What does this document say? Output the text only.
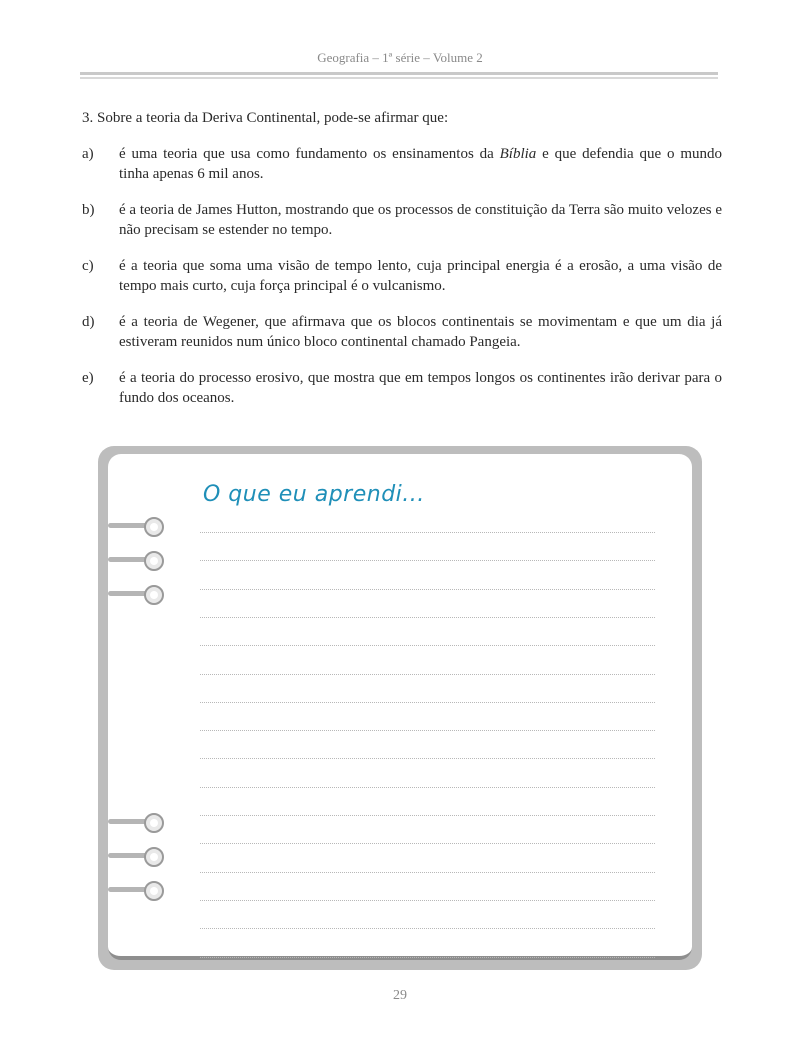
Geografia – 1ª série – Volume 2
3. Sobre a teoria da Deriva Continental, pode-se afirmar que:
a) é uma teoria que usa como fundamento os ensinamentos da Bíblia e que defendia que o mundo tinha apenas 6 mil anos.
b) é a teoria de James Hutton, mostrando que os processos de constituição da Terra são muito velozes e não precisam se estender no tempo.
c) é a teoria que soma uma visão de tempo lento, cuja principal energia é a erosão, a uma visão de tempo mais curto, cuja força principal é o vulcanismo.
d) é a teoria de Wegener, que afirmava que os blocos continentais se movimentam e que um dia já estiveram reunidos num único bloco continental chamado Pangeia.
e) é a teoria do processo erosivo, que mostra que em tempos longos os continentes irão derivar para o fundo dos oceanos.
O que eu aprendi...
29
